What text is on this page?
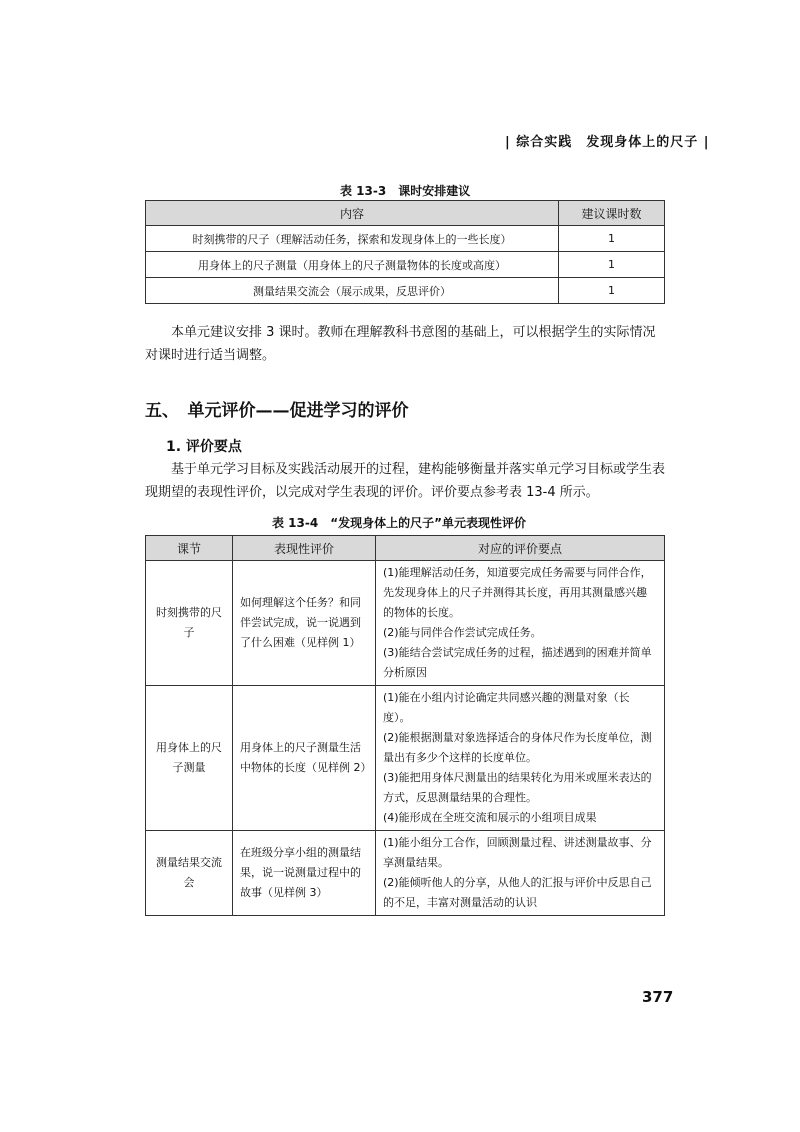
| 综合实践　发现身体上的尺子 |
表 13-3　课时安排建议
内容	建议课时数
时刻携带的尺子（理解活动任务，探索和发现身体上的一些长度）	1
用身体上的尺子测量（用身体上的尺子测量物体的长度或高度）	1
测量结果交流会（展示成果，反思评价）	1

本单元建议安排 3 课时。教师在理解教科书意图的基础上，可以根据学生的实际情况对课时进行适当调整。

五、　单元评价——促进学习的评价
1. 评价要点

基于单元学习目标及实践活动展开的过程，建构能够衡量并落实单元学习目标或学生表现期望的表现性评价，以完成对学生表现的评价。评价要点参考表 13-4 所示。

表 13-4　“发现身体上的尺子”单元表现性评价
课节	表现性评价	对应的评价要点
时刻携带的尺子	如何理解这个任务？和同伴尝试完成，说一说遇到了什么困难（见样例 1）	(1)能理解活动任务，知道要完成任务需要与同伴合作，先发现身体上的尺子并测得其长度，再用其测量感兴趣的物体的长度。
(2)能与同伴合作尝试完成任务。
(3)能结合尝试完成任务的过程，描述遇到的困难并简单分析原因

用身体上的尺子测量	用身体上的尺子测量生活中物体的长度（见样例 2）	(1)能在小组内讨论确定共同感兴趣的测量对象（长度）。
(2)能根据测量对象选择适合的身体尺作为长度单位，测量出有多少个这样的长度单位。
(3)能把用身体尺测量出的结果转化为用米或厘米表达的方式，反思测量结果的合理性。
(4)能形成在全班交流和展示的小组项目成果

测量结果交流会	在班级分享小组的测量结果，说一说测量过程中的故事（见样例 3）	(1)能小组分工合作，回顾测量过程、讲述测量故事、分享测量结果。
(2)能倾听他人的分享，从他人的汇报与评价中反思自己的不足，丰富对测量活动的认识
377
